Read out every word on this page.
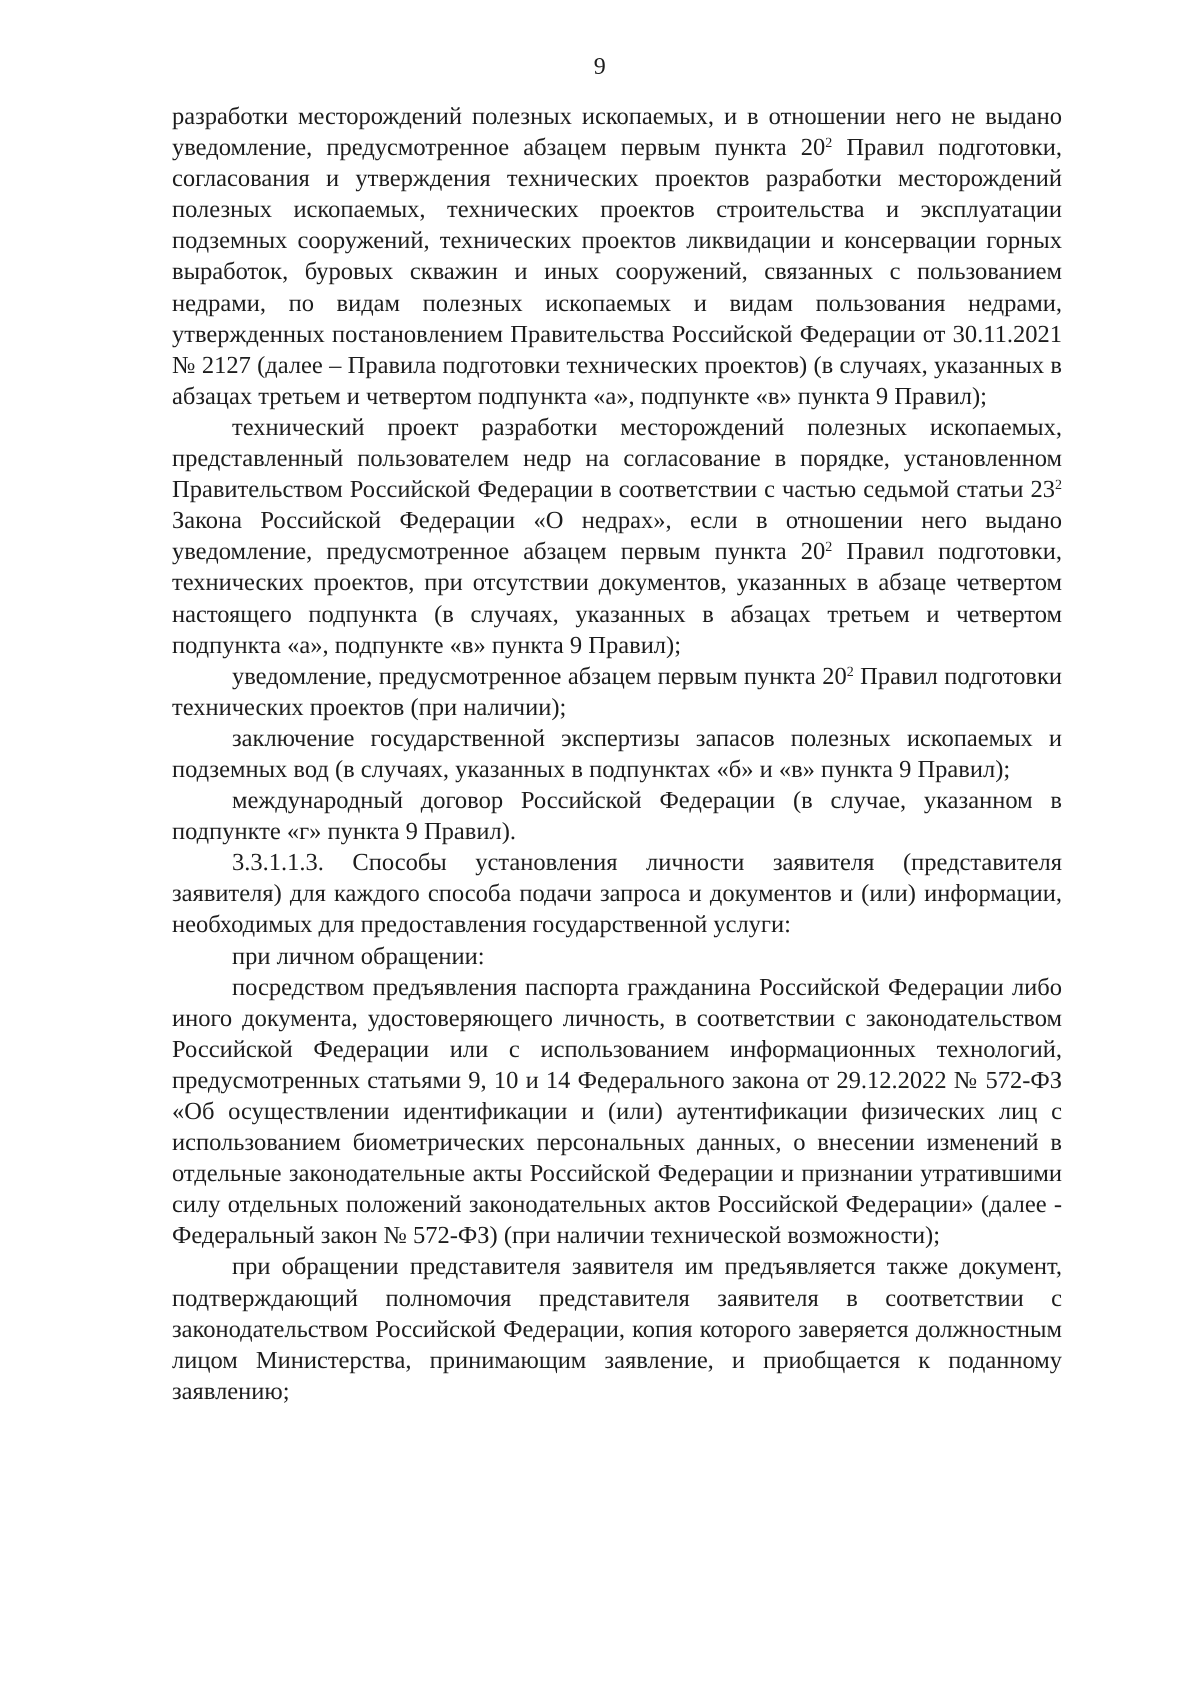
9

разработки месторождений полезных ископаемых, и в отношении него не выдано уведомление, предусмотренное абзацем первым пункта $20^2$ Правил подготовки, согласования и утверждения технических проектов разработки месторождений полезных ископаемых, технических проектов строительства и эксплуатации подземных сооружений, технических проектов ликвидации и консервации горных выработок, буровых скважин и иных сооружений, связанных с пользованием недрами, по видам полезных ископаемых и видам пользования недрами, утвержденных постановлением Правительства Российской Федерации от 30.11.2021 № 2127 (далее – Правила подготовки технических проектов) (в случаях, указанных в абзацах третьем и четвертом подпункта «а», подпункте «в» пункта 9 Правил);

технический проект разработки месторождений полезных ископаемых, представленный пользователем недр на согласование в порядке, установленном Правительством Российской Федерации в соответствии с частью седьмой статьи $23^2$ Закона Российской Федерации «О недрах», если в отношении него выдано уведомление, предусмотренное абзацем первым пункта $20^2$ Правил подготовки, технических проектов, при отсутствии документов, указанных в абзаце четвертом настоящего подпункта (в случаях, указанных в абзацах третьем и четвертом подпункта «а», подпункте «в» пункта 9 Правил);

уведомление, предусмотренное абзацем первым пункта $20^2$ Правил подготовки технических проектов (при наличии);

заключение государственной экспертизы запасов полезных ископаемых и подземных вод (в случаях, указанных в подпунктах «б» и «в» пункта 9 Правил);

международный договор Российской Федерации (в случае, указанном в подпункте «г» пункта 9 Правил).

3.3.1.1.3. Способы установления личности заявителя (представителя заявителя) для каждого способа подачи запроса и документов и (или) информации, необходимых для предоставления государственной услуги:

при личном обращении:

посредством предъявления паспорта гражданина Российской Федерации либо иного документа, удостоверяющего личность, в соответствии с законодательством Российской Федерации или с использованием информационных технологий, предусмотренных статьями 9, 10 и 14 Федерального закона от 29.12.2022 № 572-ФЗ «Об осуществлении идентификации и (или) аутентификации физических лиц с использованием биометрических персональных данных, о внесении изменений в отдельные законодательные акты Российской Федерации и признании утратившими силу отдельных положений законодательных актов Российской Федерации» (далее - Федеральный закон № 572-ФЗ) (при наличии технической возможности);

при обращении представителя заявителя им предъявляется также документ, подтверждающий полномочия представителя заявителя в соответствии с законодательством Российской Федерации, копия которого заверяется должностным лицом Министерства, принимающим заявление, и приобщается к поданному заявлению;
